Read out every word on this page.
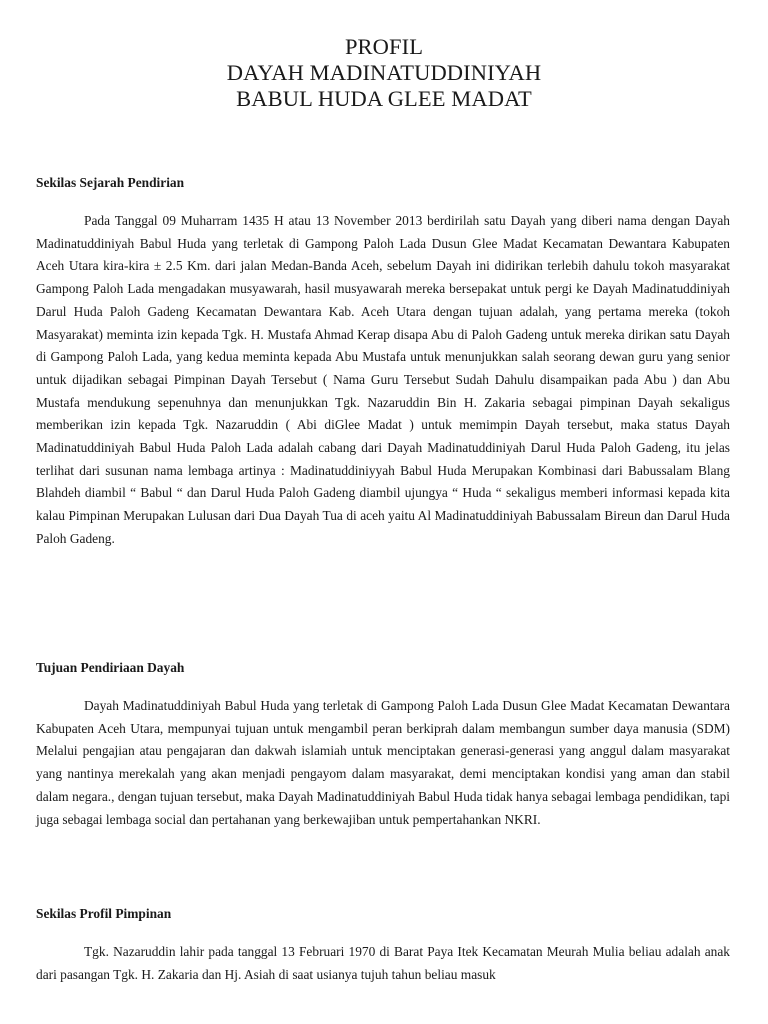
PROFIL
DAYAH MADINATUDDINIYAH
BABUL HUDA GLEE MADAT
Sekilas Sejarah Pendirian

Pada Tanggal 09 Muharram 1435 H atau 13 November 2013 berdirilah satu Dayah yang diberi nama dengan Dayah Madinatuddiniyah Babul Huda yang terletak di Gampong Paloh Lada Dusun Glee Madat Kecamatan Dewantara Kabupaten Aceh Utara kira-kira ± 2.5 Km. dari jalan Medan-Banda Aceh, sebelum Dayah ini didirikan terlebih dahulu tokoh masyarakat Gampong Paloh Lada mengadakan musyawarah, hasil musyawarah mereka bersepakat untuk pergi ke Dayah Madinatuddiniyah Darul Huda Paloh Gadeng Kecamatan Dewantara Kab. Aceh Utara dengan tujuan adalah, yang pertama mereka (tokoh Masyarakat) meminta izin kepada Tgk. H. Mustafa Ahmad Kerap disapa Abu di Paloh Gadeng untuk mereka dirikan satu Dayah di Gampong Paloh Lada, yang kedua meminta kepada Abu Mustafa untuk menunjukkan salah seorang dewan guru yang senior untuk dijadikan sebagai Pimpinan Dayah Tersebut ( Nama Guru Tersebut Sudah Dahulu disampaikan pada Abu ) dan Abu Mustafa mendukung sepenuhnya dan menunjukkan Tgk. Nazaruddin Bin H. Zakaria sebagai pimpinan Dayah sekaligus memberikan izin kepada Tgk. Nazaruddin ( Abi diGlee Madat ) untuk memimpin Dayah tersebut, maka status Dayah Madinatuddiniyah Babul Huda Paloh Lada adalah cabang dari Dayah Madinatuddiniyah Darul Huda Paloh Gadeng, itu jelas terlihat dari susunan nama lembaga artinya : Madinatuddiniyyah Babul Huda Merupakan Kombinasi dari Babussalam Blang Blahdeh diambil “ Babul “ dan Darul Huda Paloh Gadeng diambil ujungya “ Huda “ sekaligus memberi informasi kepada kita kalau Pimpinan Merupakan Lulusan dari Dua Dayah Tua di aceh yaitu Al Madinatuddiniyah Babussalam Bireun dan Darul Huda Paloh Gadeng.

Tujuan Pendiriaan Dayah

Dayah Madinatuddiniyah Babul Huda yang terletak di Gampong Paloh Lada Dusun Glee Madat Kecamatan Dewantara Kabupaten Aceh Utara, mempunyai tujuan untuk mengambil peran berkiprah dalam membangun sumber daya manusia (SDM) Melalui pengajian atau pengajaran dan dakwah islamiah untuk menciptakan generasi-generasi yang anggul dalam masyarakat yang nantinya merekalah yang akan menjadi pengayom dalam masyarakat, demi menciptakan kondisi yang aman dan stabil dalam negara., dengan tujuan tersebut, maka Dayah Madinatuddiniyah Babul Huda tidak hanya sebagai lembaga pendidikan, tapi juga sebagai lembaga social dan pertahanan yang berkewajiban untuk pempertahankan NKRI.

Sekilas Profil Pimpinan

Tgk. Nazaruddin lahir pada tanggal 13 Februari 1970 di Barat Paya Itek Kecamatan Meurah Mulia beliau adalah anak dari pasangan Tgk. H. Zakaria dan Hj. Asiah di saat usianya tujuh tahun beliau masuk
